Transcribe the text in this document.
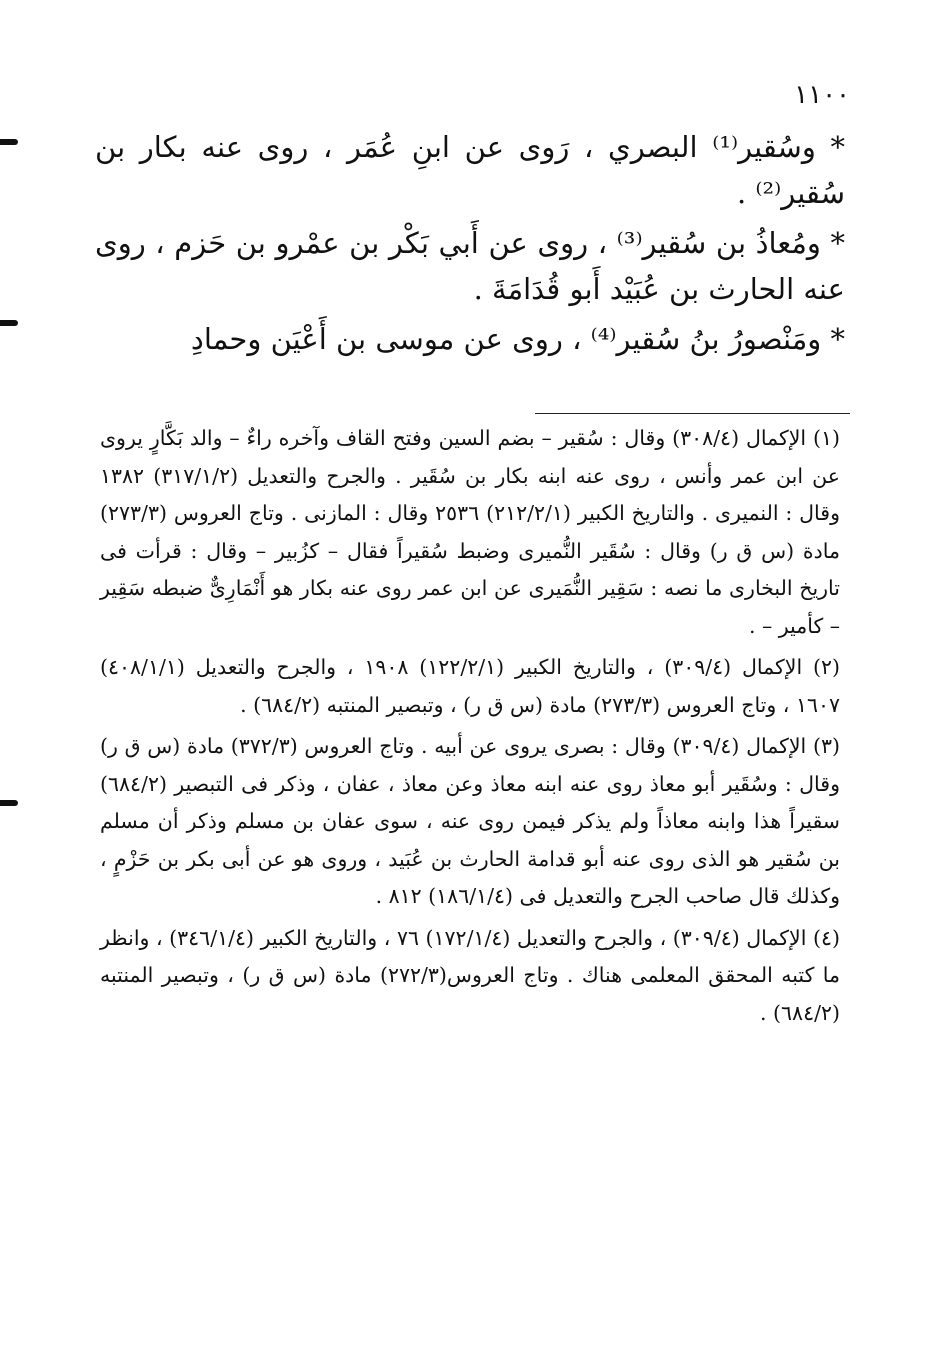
١١٠٠

* وسُقير⁽¹⁾ البصري ، رَوى عن ابنِ عُمَر ، روى عنه بكار بن سُقير⁽²⁾ .

* ومُعاذُ بن سُقير⁽³⁾ ، روى عن أَبي بَكْر بن عمْرو بن حَزم ، روى عنه الحارث بن عُبَيْد أَبو قُدَامَةَ .

* ومَنْصورُ بنُ سُقير⁽⁴⁾ ، روى عن موسى بن أَعْيَن وحمادِ

(١) الإكمال (٣٠٨/٤) وقال : سُقير – بضم السين وفتح القاف وآخره راءٌ – والد بَكَّارٍ يروى عن ابن عمر وأنس ، روى عنه ابنه بكار بن سُقَير . والجرح والتعديل (٣١٧/١/٢) ١٣٨٢ وقال : النميرى . والتاريخ الكبير (٢١٢/٢/١) ٢٥٣٦ وقال : المازنى . وتاج العروس (٢٧٣/٣) مادة (س ق ر) وقال : سُقَير النُّميرى وضبط سُقيراً فقال – كزُبير – وقال : قرأت فى تاريخ البخارى ما نصه : سَقِير النُّمَيرى عن ابن عمر روى عنه بكار هو أَنْمَارِىٌّ ضبطه سَقِير – كأمير – .

(٢) الإكمال (٣٠٩/٤) ، والتاريخ الكبير (١٢٢/٢/١) ١٩٠٨ ، والجرح والتعديل (٤٠٨/١/١) ١٦٠٧ ، وتاج العروس (٢٧٣/٣) مادة (س ق ر) ، وتبصير المنتبه (٦٨٤/٢) .

(٣) الإكمال (٣٠٩/٤) وقال : بصرى يروى عن أبيه . وتاج العروس (٣٧٢/٣) مادة (س ق ر) وقال : وسُقَير أبو معاذ روى عنه ابنه معاذ وعن معاذ ، عفان ، وذكر فى التبصير (٦٨٤/٢) سقيراً هذا وابنه معاذاً ولم يذكر فيمن روى عنه ، سوى عفان بن مسلم وذكر أن مسلم بن سُقير هو الذى روى عنه أبو قدامة الحارث بن عُبَيد ، وروى هو عن أبى بكر بن حَزْمٍ ، وكذلك قال صاحب الجرح والتعديل فى (١٨٦/١/٤) ٨١٢ .

(٤) الإكمال (٣٠٩/٤) ، والجرح والتعديل (١٧٢/١/٤) ٧٦ ، والتاريخ الكبير (٣٤٦/١/٤) ، وانظر ما كتبه المحقق المعلمى هناك . وتاج العروس(٢٧٢/٣) مادة (س ق ر) ، وتبصير المنتبه (٦٨٤/٢) .
